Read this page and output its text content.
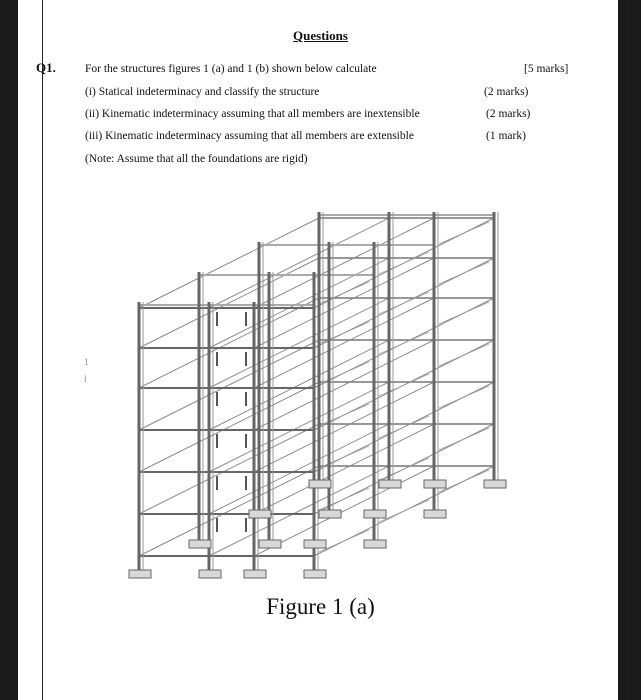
Questions
Q1.	For the structures figures 1 (a) and 1 (b) shown below calculate	[5 marks]
(i) Statical indeterminacy and classify the structure	(2 marks)
(ii) Kinematic indeterminacy assuming that all members are inextensible	(2 marks)
(iii) Kinematic indeterminacy assuming that all members are extensible	(1 mark)
(Note: Assume that all the foundations are rigid)
1
l
Figure 1 (a)
